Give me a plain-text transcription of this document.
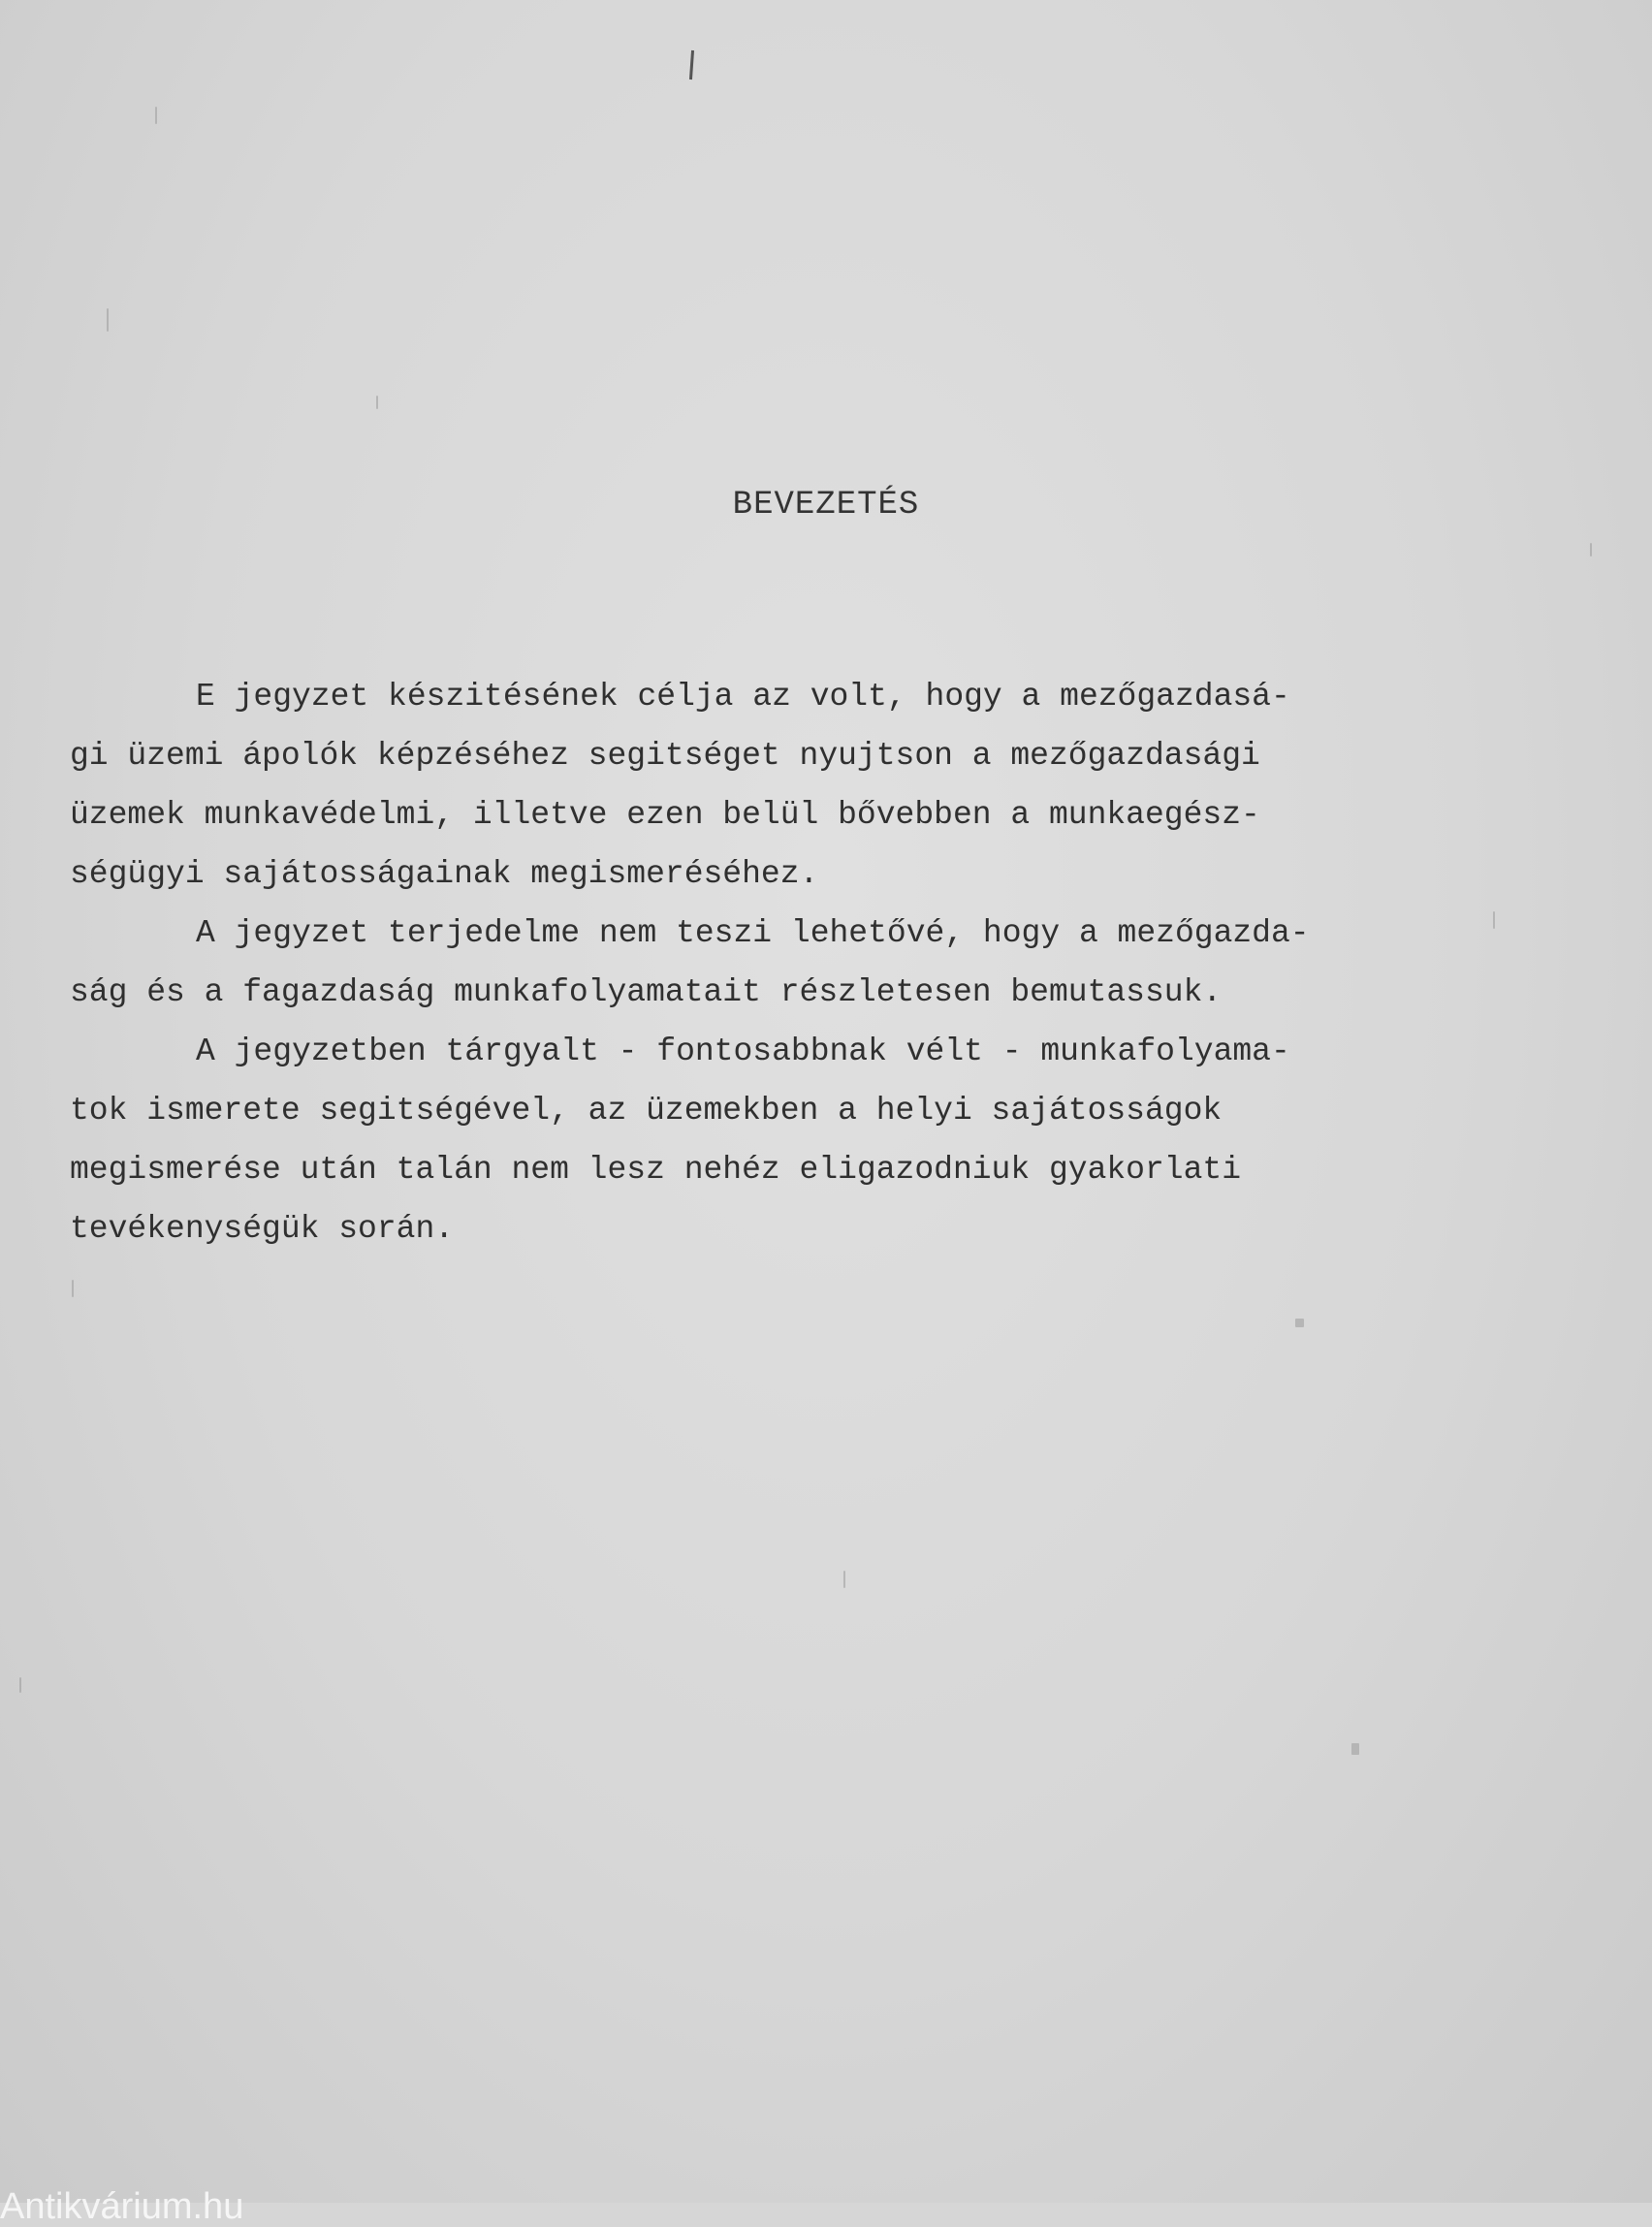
BEVEZETÉS
E jegyzet készitésének célja az volt, hogy a mezőgazdasá-
gi üzemi ápolók képzéséhez segitséget nyujtson a mezőgazdasági
üzemek munkavédelmi, illetve ezen belül bővebben a munkaegész-
ségügyi sajátosságainak megismeréséhez.
A jegyzet terjedelme nem teszi lehetővé, hogy a mezőgazda-
ság és a fagazdaság munkafolyamatait részletesen bemutassuk.
A jegyzetben tárgyalt - fontosabbnak vélt - munkafolyama-
tok ismerete segitségével, az üzemekben a helyi sajátosságok
megismerése után talán nem lesz nehéz eligazodniuk gyakorlati
tevékenységük során.
Antikvárium.hu
